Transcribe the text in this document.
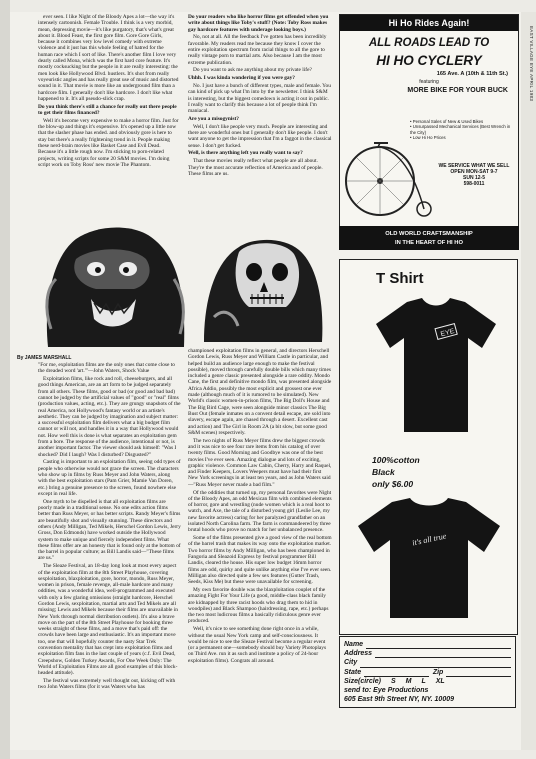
EAST VILLAGE EYE APRIL 1983

ever seen. I like Night of the Bloody Apes a lot—the way it's intensely cartoonish. Female Trouble. I think is a very morbid, mean, depressing movie—it's like purgatory, that's what's great about it. Blood Feast, the first gore film. Gore Gore Girls, because it combines very low level comedy with extreme violence and it just has this whole feeling of hatred for the human race which I sort of like. There's another film I love very dearly called Mona, which was the first hard core feature. It's mostly cocksucking but the people in it are really interesting: the men look like Hollywood Blvd. hustlers. It's shot from really voyeuristic angles and has really great use of music and distorted sound in it. That movie is more like an underground film than a hardcore film. I generally don't like hardcore. I don't like what happened to it. It's all pseudo-slick crap.

Do you think there's still a chance for really out there people to get their films financed?

Well it's become very expensive to make a horror film. Just for the blow-up and things it's expensive. It's opened up a little now that the slasher phase has ended. and obviously gore is here to stay but there's a really frightening trend in it. People making these nerd-brain movies like Basket Case and Evil Dead. Because it's a little rough now. I'm sticking to porn-related projects, writing scripts for some 20 S&M movies. I'm doing script work on Toby Ross' new movie The Phantom.

Do your readers who like horror films get offended when you write about things like Toby's stuff? (Note: Toby Ross makes gay hardcore features with underage looking boys.)

No, not at all. All the feedback I've gotten has been incredibly favorable. My readers read me because they know I cover the entire exploitation spectrum from racial things to all the gore to really vintage porn to martial arts. Also because I am the most extreme publication.

Do you want to ask me anything about my private life?

Uhhh. I was kinda wondering if you were gay?

No. I just have a bunch of different types, male and female. You can kind of pick up what I'm into by the newsletter. I think S&M is interesting, but the biggest comedown is acting it out in public. I really want to clarify this because a lot of people think I'm maniacal.

Are you a misogynist?

Well, I don't like people very much. People are interesting and there are wonderful ones but I generally don't like people. I don't want anyone to get the impression that I'm a faggot in the classical sense. I don't get fucked.

Well, is there anything left you really want to say?

That these movies really reflect what people are all about. They're the most accurate reflection of America and of people. These films are us.

By JAMES MARSHALL

"For me, exploitation films are the only ones that come close to the dreaded word 'art.'"—John Waters, Shock Value

Exploitation films, like rock and roll, cheeseburgers, and all good things American, are an art form to be judged separately from all others. These films, good or bad (or good and bad bad) cannot be judged by the artificial values of "good" or "real" films (production values, acting, etc.). They are grungy snapshots of the real America, not Hollywood's fantasy world or an artiste's aesthetic. They can be judged by imagination and subject matter: a successful exploitation film delivers what a big budget film cannot or will not, and handles it in a way that Hollywood would not. How well this is done is what separates an exploitation gem from a bore. The response of the audience, intentional or not, is another important factor. The viewer should ask himself: "Was I shocked? Did I laugh? Was I disturbed? Disgusted?"

Casting is important to an exploitation film, seeing odd types of people who otherwise would not grace the screen. The characters who show up in films by Russ Meyer and John Waters, along with the best exploitation stars (Pam Grier, Mamie Van Doren, etc.) bring a genuine presence to the screen, found nowhere else except in real life.

One myth to be dispelled is that all exploitation films are poorly made in a traditional sense. No one edits action films better than Russ Meyer, or has better scripts. Randy Meyer's films are beautifully shot and visually stunning. These directors and others (Andy Milligan, Ted Mikels, Herschel Gordon Lewis, Jerry Gross, Don Edmonds) have worked outside the Hollywood system to make unique and fiercely independent films. What these films offer are an honesty that is found only at the bottom of the barrel in popular culture; as Bill Landis said—"These films are us."

The Sleaze Festival, an 18-day long look at most every aspect of the exploitation film at the 8th Street Playhouse, covering sexploitation, blaxploitation, gore, horror, mondo, Russ Meyer, women in prison, female revenge, all-male hardcore and many oddities, was a wonderful idea, well-programmed and executed with only a few glaring omissions (straight hardcore, Herschel Gordon Lewis, sexploitation, martial arts and Ted Mikels are all missing; Lewis and Mikels because their films are unavailable in New York through normal distribution outlets). It's also a brave move on the part of the 8th Street Playhouse for booking three weeks straight of these films, and a move that's paid off: the crowds have been large and enthusiastic. It's an important move too, one that will hopefully counter the nasty Star Trek convention mentality that has crept into exploitation films and exploitation film fans in the last couple of years (c.f. Evil Dead, Creepshow, Golden Turkey Awards, For One Week Only: The World of Exploitation Films are all good examples of this block-headed attitude).

The festival was extremely well thought out, kicking off with two John Waters films (for it was Waters who has

championed exploitation films in general, and directors Herschell Gordon Lewis, Russ Meyer and William Castle in particular, and helped build an audience large enough to make the festival possible), moved through carefully double bills which many times included a genre classic presented alongside a rare oddity. Mondo Cane, the first and definitive mondo film, was presented alongside Africa Addio, possibly the most explicit and grossest one ever made (although much of it is rumored to be simulated). New World's classic women-in-prison films, The Big Doll's House and The Big Bird Cage, were seen alongside minor classics The Big Bust Out (female inmates on a convent detail escape, are sold into slavery, escape again, are chased through a desert. Excellent cast and action) and The Girl in Room 2A (a bit slow, but some good S&M scenes) respectively.

The two nights of Russ Meyer films drew the biggest crowds and it was nice to see four rare items from his catalog of over twenty films. Good Morning and Goodbye was one of the best movies I've ever seen. Amazing dialogue and lots of exciting, graphic violence. Common Law Cabin, Cherry, Harry and Raquel, and Finder Keepers, Lovers Weepers must have had their first New York screenings in at least ten years, and as John Waters said—"Russ Meyer never made a bad film."

Of the oddities that turned up, my personal favorites were Night of the Bloody Apes, an odd Mexican film with combined elements of horror, gore and wrestling (nude women which is a real hoot to watch, and Axe, the tale of a disturbed young girl (Leslie Lee, my new favorite actress) caring for her paralyzed grandfather on an isolated North Carolina farm. The farm is commandeered by three brutal hoods who prove no match for her unbalanced presence.

Some of the films presented give a good view of the real bottom of the barrel trash that makes its way onto the exploitation market. Two horror films by Andy Milligan, who has been championed in Fangoria and Sleazoid Express by festival programmer Bill Landis, cleared the house. His super low budget 16mm horror films are odd, quirky and quite unlike anything else I've ever seen. Milligan also directed quite a few sex features (Gutter Trash, Seeds, Kiss Me) but these were unavailable for screening.

My own favorite double was the blaxploitation couplet of the amazing Fight For Your Life (a good, middle-class black family are kidnapped by three racist hoods who drag them to hid in woodpiles) and Black Shampoo (hairdressing, rape, etc.) perhaps the two most ludicrous films a basically ridiculous genre ever produced.

Well, it's nice to see something done right once in a while, without the usual New York camp and self-consciousness. It would be nice to see the Sleaze Festival become a regular event (or a permanent one—somebody should buy Variety Photoplays on Third Ave. run it as such and institute a policy of 24-hour exploitation films). Congrats all around.

Hi Ho Rides Again!
ALL ROADS LEAD TO
HI HO CYCLERY
165 Ave. A (10th & 11th St.)
featuring
MORE BIKE FOR YOUR BUCK
• Personal Sales of New & Used Bikes
• Unsurpassed Mechanical Services (Best Wrench in the City)
• Low Hi Ho Prices
WE SERVICE WHAT WE SELL
OPEN MON-SAT 9-7
SUN 12-5
598-0011
OLD WORLD CRAFTSMANSHIP
IN THE HEART OF HI HO
T Shirt
EYE
100%cotton
Black
only $6.00
it's all true
Name
Address
City
State	Zip
Size(circle) S M L XL
send to: Eye Productions
605 East 9th Street NY, NY. 10009
